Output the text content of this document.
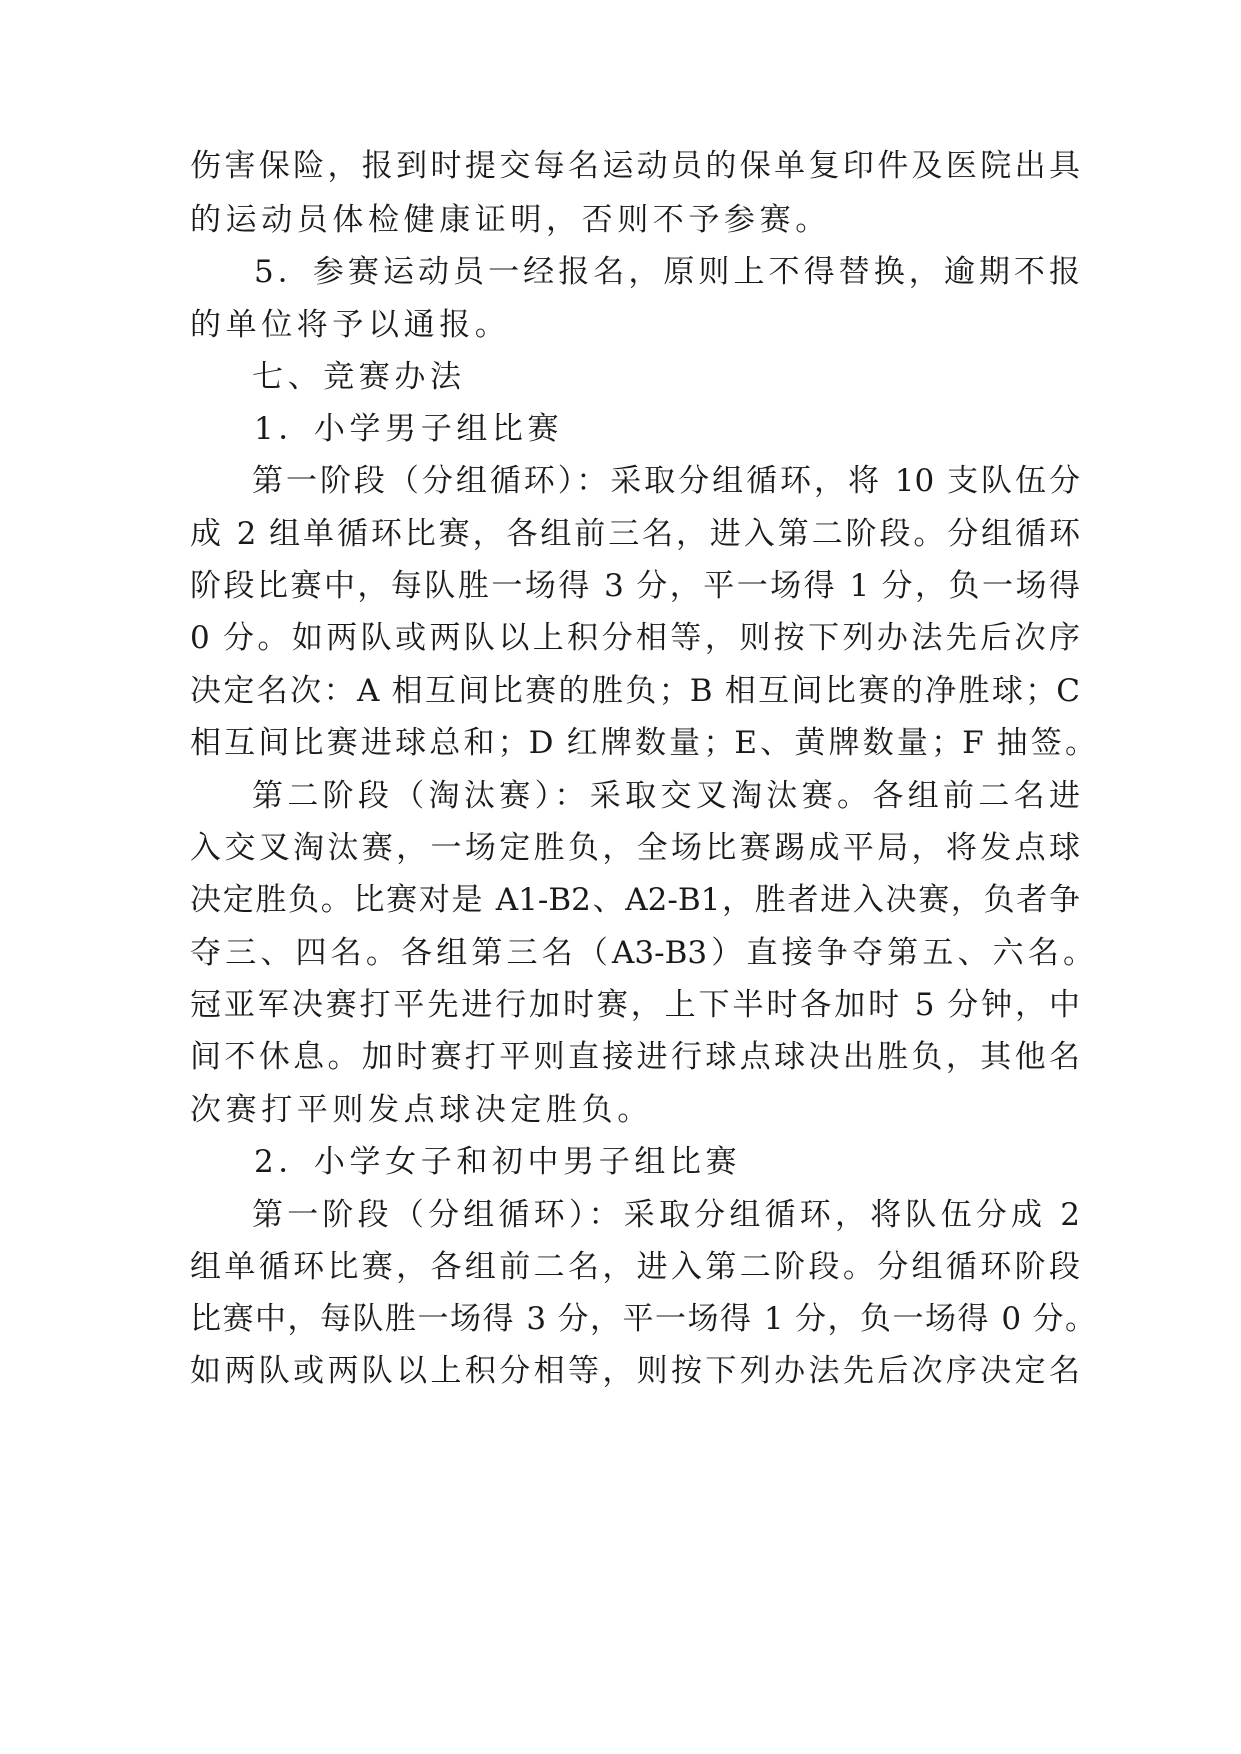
伤害保险，报到时提交每名运动员的保单复印件及医院出具
的运动员体检健康证明，否则不予参赛。
5．参赛运动员一经报名，原则上不得替换，逾期不报
的单位将予以通报。
七、竞赛办法
1．小学男子组比赛
第一阶段（分组循环）：采取分组循环，将 10 支队伍分
成 2 组单循环比赛，各组前三名，进入第二阶段。分组循环
阶段比赛中，每队胜一场得 3 分，平一场得 1 分，负一场得
0 分。如两队或两队以上积分相等，则按下列办法先后次序
决定名次：A 相互间比赛的胜负；B 相互间比赛的净胜球；C
相互间比赛进球总和；D 红牌数量；E、黄牌数量；F 抽签。
第二阶段（淘汰赛）：采取交叉淘汰赛。各组前二名进
入交叉淘汰赛，一场定胜负，全场比赛踢成平局，将发点球
决定胜负。比赛对是 A1-B2、A2-B1，胜者进入决赛，负者争
夺三、四名。各组第三名（A3-B3）直接争夺第五、六名。
冠亚军决赛打平先进行加时赛，上下半时各加时 5 分钟，中
间不休息。加时赛打平则直接进行球点球决出胜负，其他名
次赛打平则发点球决定胜负。
2．小学女子和初中男子组比赛
第一阶段（分组循环）：采取分组循环，将队伍分成 2
组单循环比赛，各组前二名，进入第二阶段。分组循环阶段
比赛中，每队胜一场得 3 分，平一场得 1 分，负一场得 0 分。
如两队或两队以上积分相等，则按下列办法先后次序决定名
